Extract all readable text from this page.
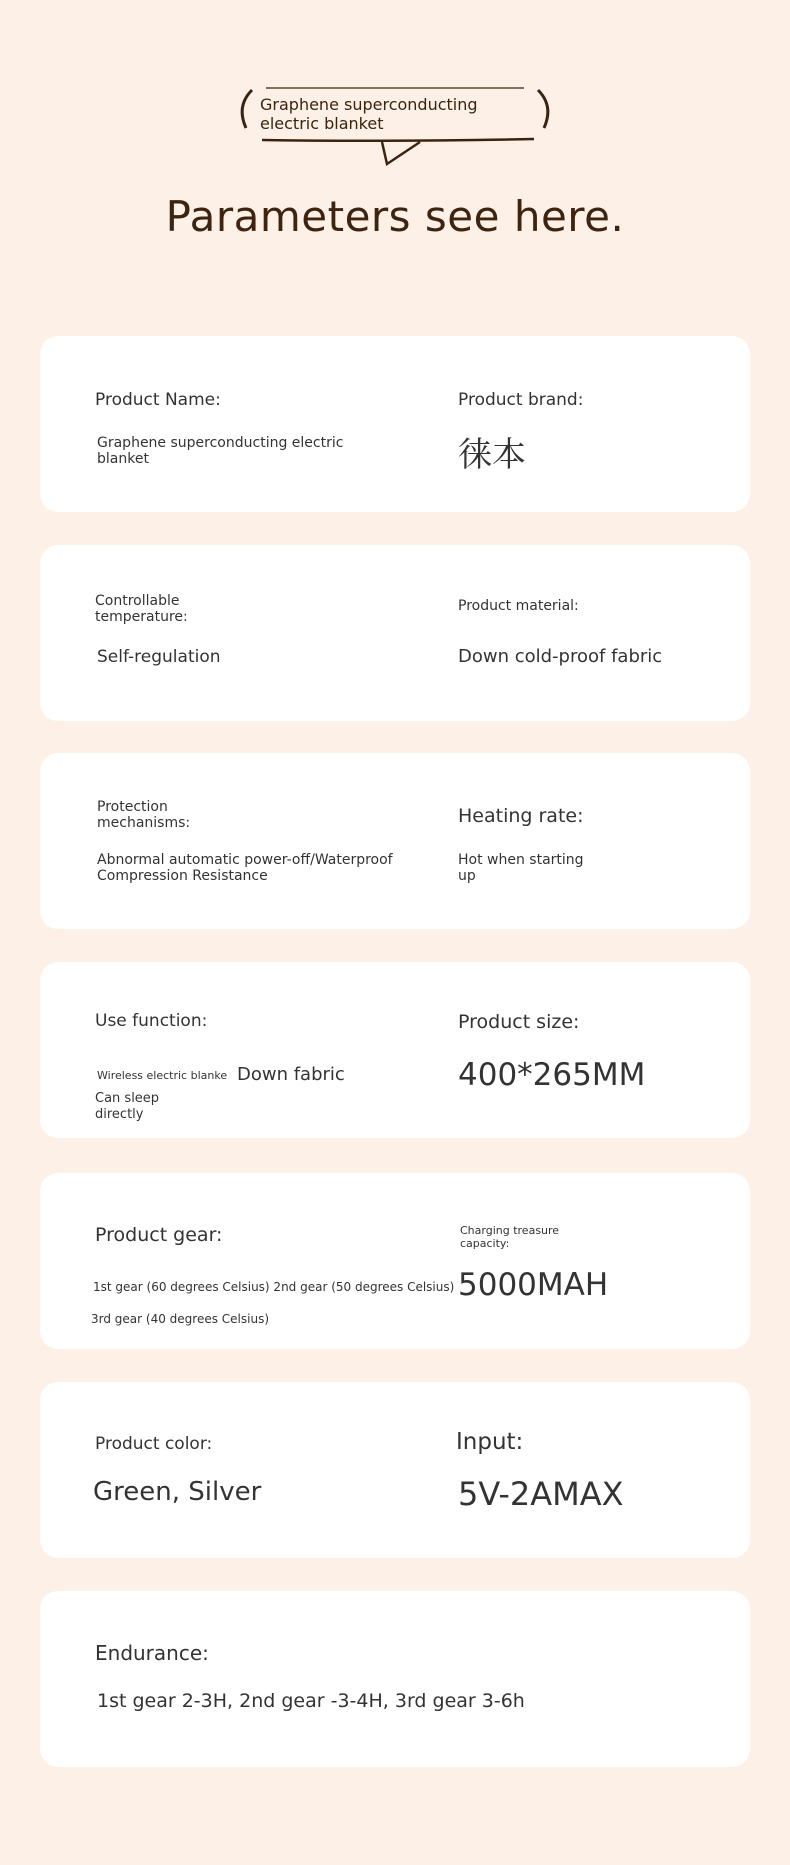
Graphene superconducting electric blanket
Parameters see here.
Product Name:
Graphene superconducting electric blanket
Product brand:
徕本
Controllable temperature:
Self-regulation
Product material:
Down cold-proof fabric
Protection mechanisms:
Abnormal automatic power-off/Waterproof Compression Resistance
Heating rate:
Hot when starting up
Use function:
Wireless electric blanke Down fabric
Can sleep directly
Product size:
400*265MM
Product gear:
1st gear (60 degrees Celsius) 2nd gear (50 degrees Celsius)
3rd gear (40 degrees Celsius)
Charging treasure capacity:
5000MAH
Product color:
Green, Silver
Input:
5V-2AMAX
Endurance:
1st gear 2-3H, 2nd gear -3-4H, 3rd gear 3-6h
